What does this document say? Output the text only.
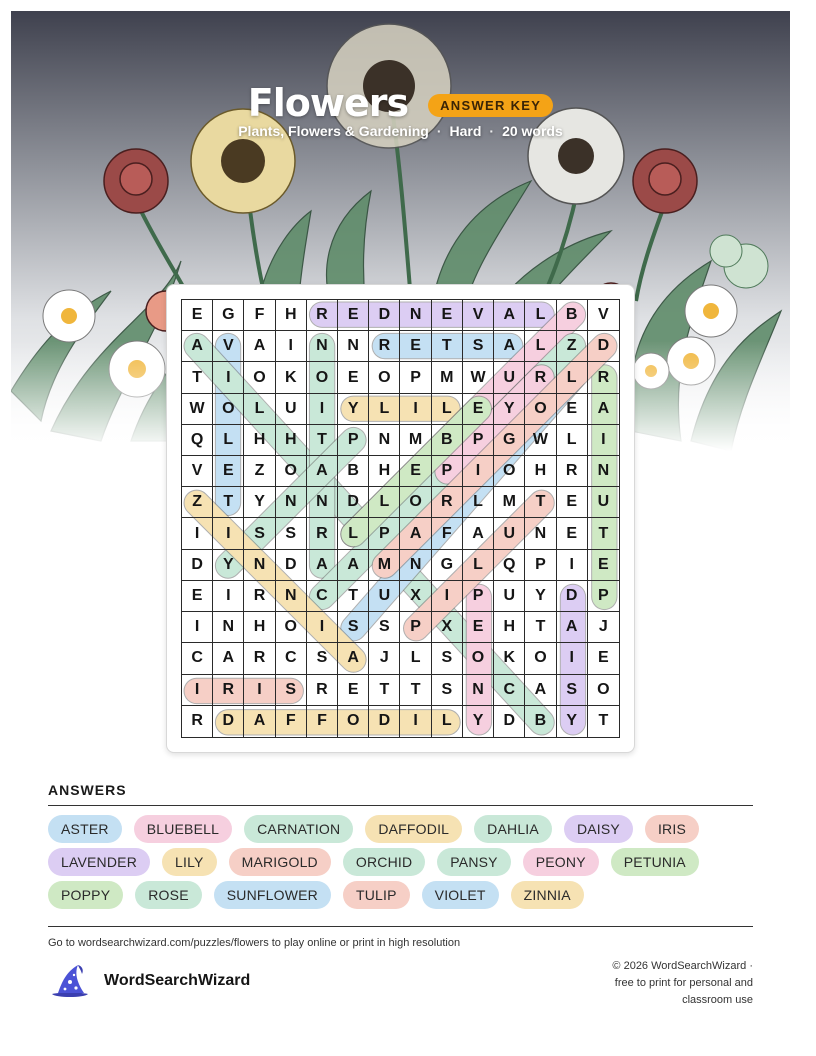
Flowers	ANSWER KEY
Plants, Flowers & Gardening · Hard · 20 words
E	G	F	H	R	E	D	N	E	V	A	L	B	V
A	V	A	I	N	N	R	E	T	S	A	L	Z	D
T	I	O	K	O	E	O	P	M	W	U	R	L	R
W	O	L	U	I	Y	L	I	L	E	Y	O	E	A
Q	L	H	H	T	P	N	M	B	P	G	W	L	I
V	E	Z	O	A	B	H	E	P	I	O	H	R	N
Z	T	Y	N	N	D	L	O	R	L	M	T	E	U
I	I	S	S	R	L	P	A	F	A	U	N	E	T
D	Y	N	D	A	A	M	N	G	L	Q	P	I	E
E	I	R	N	C	T	U	X	I	P	U	Y	D	P
I	N	H	O	I	S	S	P	X	E	H	T	A	J
C	A	R	C	S	A	J	L	S	O	K	O	I	E
I	R	I	S	R	E	T	T	S	N	C	A	S	O
R	D	A	F	F	O	D	I	L	Y	D	B	Y	T
ANSWERS
ASTER	BLUEBELL	CARNATION	DAFFODIL	DAHLIA	DAISY	IRIS
LAVENDER	LILY	MARIGOLD	ORCHID	PANSY	PEONY	PETUNIA
POPPY	ROSE	SUNFLOWER	TULIP	VIOLET	ZINNIA
Go to wordsearchwizard.com/puzzles/flowers to play online or print in high resolution
WordSearchWizard
© 2026 WordSearchWizard ·
free to print for personal and
classroom use
